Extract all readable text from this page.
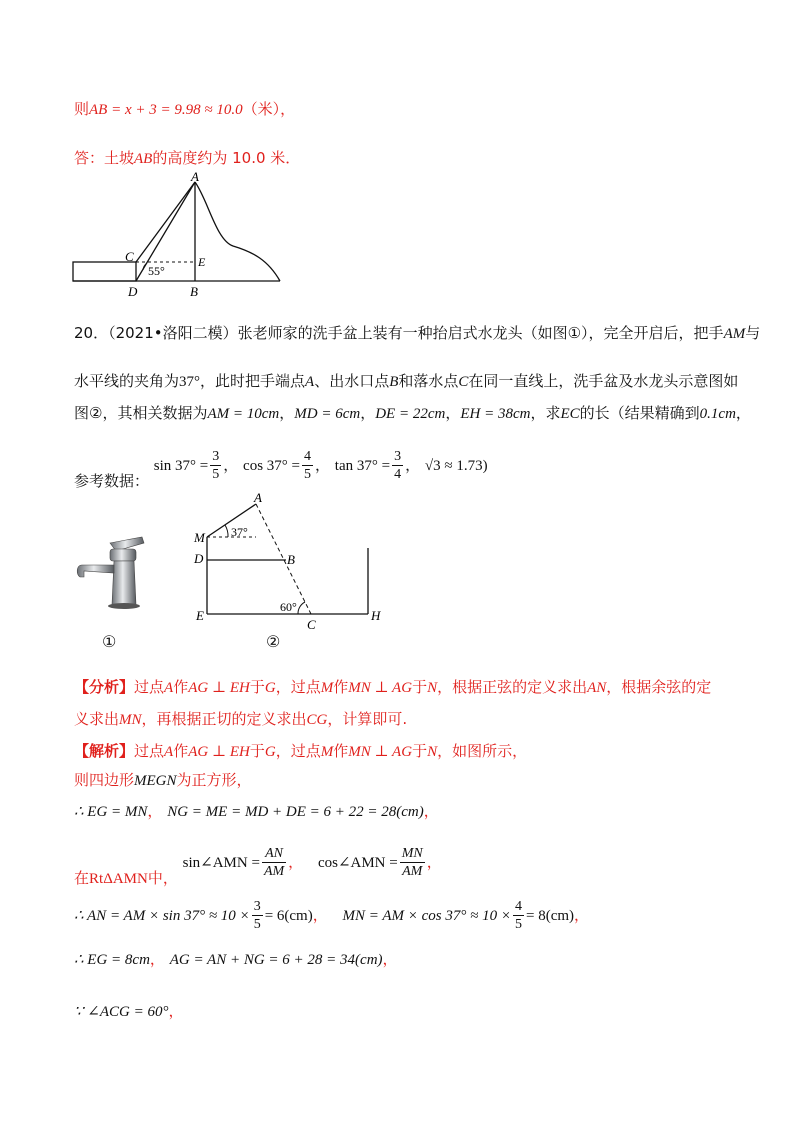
则AB = x + 3 = 9.98 ≈ 10.0（米），
答：土坡AB的高度约为 10.0 米．
A
C	E
D	B
55°
20．（2021•洛阳二模）张老师家的洗手盆上装有一种抬启式水龙头（如图①），完全开启后，把手AM与
水平线的夹角为37°，此时把手端点A、出水口点B和落水点C在同一直线上，洗手盆及水龙头示意图如
图②，其相关数据为AM = 10cm，MD = 6cm，DE = 22cm，EH = 38cm，求EC的长（结果精确到0.1cm，
参考数据： $\sin 37^\circ = \frac{3}{5}$ ， $\cos 37^\circ = \frac{4}{5}$ ， $\tan 37^\circ = \frac{3}{4}$ ， √3 ≈ 1.73)
①
A
M
D	B
E
C
H
37°
60°
②
【分析】过点A作AG ⊥ EH于G，过点M作MN ⊥ AG于N，根据正弦的定义求出AN，根据余弦的定
义求出MN，再根据正切的定义求出CG，计算即可.
【解析】过点A作AG ⊥ EH于G，过点M作MN ⊥ AG于N，如图所示，
则四边形MEGN为正方形，
∴ EG = MN， NG = ME = MD + DE = 6 + 22 = 28(cm)，
在RtΔAMN中， sin∠AMN = $\frac{AN}{AM}$ ， cos∠AMN = $\frac{MN}{AM}$ ，
∴ AN = AM × $\sin 37^\circ \approx 10 \times \frac{3}{5} = 6(cm)$， MN = AM × $\cos 37^\circ \approx 10 \times \frac{4}{5} = 8(cm)$，
∴ EG = 8cm， AG = AN + NG = 6 + 28 = 34(cm)，
∵ ∠ACG = 60°，
